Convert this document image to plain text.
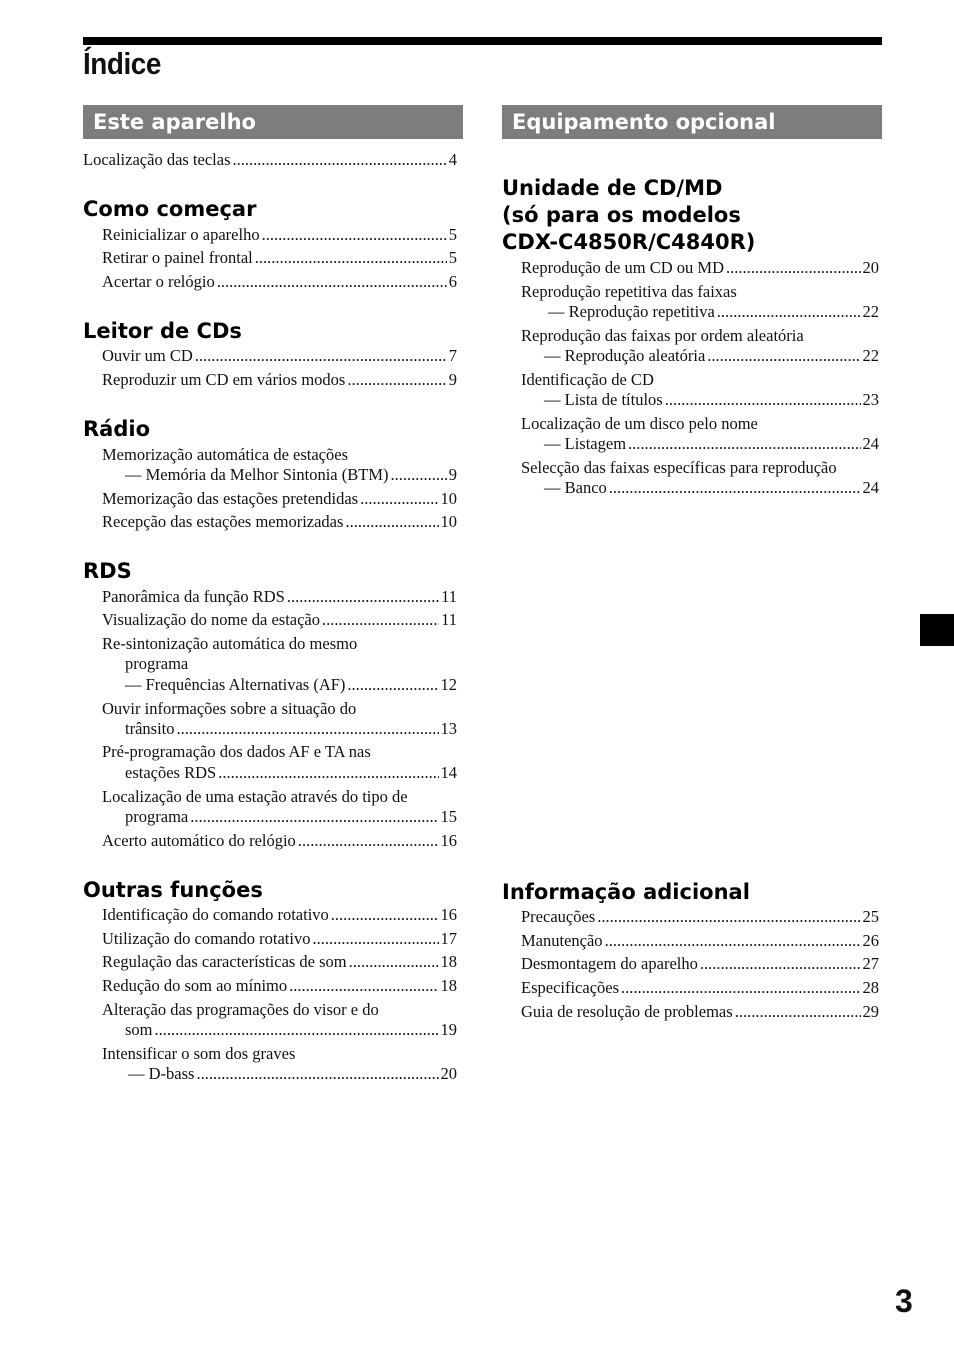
Índice
Este aparelho
Localização das teclas .....	4
Como começar
Reinicializar o aparelho .....	5
Retirar o painel frontal .....	5
Acertar o relógio .....	6
Leitor de CDs
Ouvir um CD .....	7
Reproduzir um CD em vários modos .....	9
Rádio
Memorização automática de estações
— Memória da Melhor Sintonia (BTM) .....	9
Memorização das estações pretendidas .....	10
Recepção das estações memorizadas .....	10
RDS
Panorâmica da função RDS .....	11
Visualização do nome da estação .....	11
Re-sintonização automática do mesmo
programa
— Frequências Alternativas (AF) .....	12
Ouvir informações sobre a situação do
trânsito .....	13
Pré-programação dos dados AF e TA nas
estações RDS .....	14
Localização de uma estação através do tipo de
programa .....	15
Acerto automático do relógio .....	16
Outras funções
Identificação do comando rotativo .....	16
Utilização do comando rotativo .....	17
Regulação das características de som .....	18
Redução do som ao mínimo .....	18
Alteração das programações do visor e do
som .....	19
Intensificar o som dos graves
— D-bass .....	20
Equipamento opcional
Unidade de CD/MD
(só para os modelos
CDX-C4850R/C4840R)
Reprodução de um CD ou MD .....	20
Reprodução repetitiva das faixas
— Reprodução repetitiva .....	22
Reprodução das faixas por ordem aleatória
— Reprodução aleatória .....	22
Identificação de CD
— Lista de títulos .....	23
Localização de um disco pelo nome
— Listagem .....	24
Selecção das faixas específicas para reprodução
— Banco .....	24
Informação adicional
Precauções .....	25
Manutenção .....	26
Desmontagem do aparelho .....	27
Especificações .....	28
Guia de resolução de problemas .....	29
3
